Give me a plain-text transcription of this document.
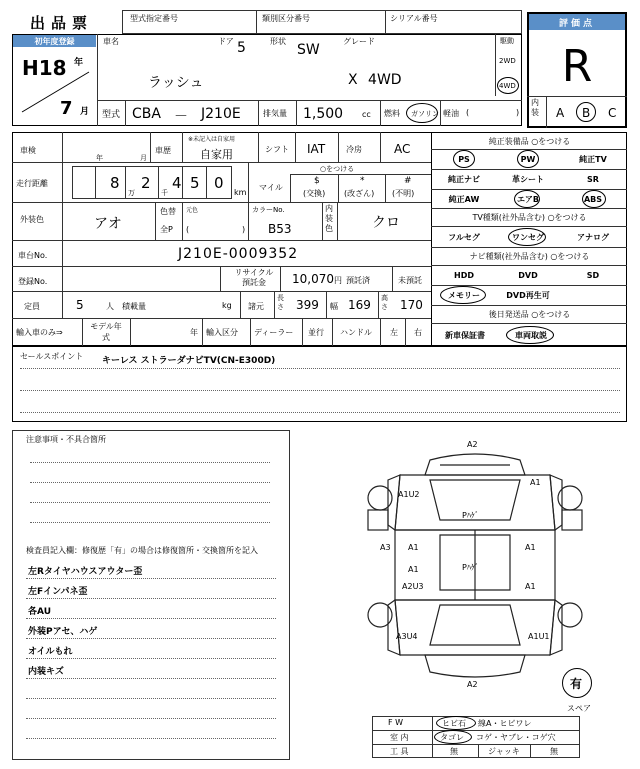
出品票	型式指定番号	類別区分番号	シリアル番号	評価点
R
内装	A B C
初年度登録
H18 年
7 月
車名	ドア 5	形状
SW
グレード
ラッシュ	X 4WD
駆動
2WD
4WD
型式 CBA － J210E	排気量 1,500 cc 燃料 ガソリン 軽油 (	)
車検
年	月
車歴
※未記入は自家用
自家用	シフト IAT	冷房	AC
走行距離	8
万
2
千
4 5 0
km
○をつける
マイル
$
(交換)
*
(改ざん)
#
(不明)
外装色	アオ
色替
全P
元色
(	)
カラーNo.
B53
内装色	クロ
車台No.	J210E-0009352
登録No.
リサイクル預託金	10,070 円 預託済	未預託
定員	5	人 積載量	kg 諸元
長さ 399 幅 169 高さ 170
輸入車のみ⇒
モデル年式
年 輸入区分 ディーラー 並行 ハンドル 左 右
純正装備品 ○をつける
PS	PW	純正TV
純正ナビ	革シート	SR
純正AW	エアB	ABS
TV種類(社外品含む) ○をつける
フルセグ	ワンセグ	アナログ
ナビ種類(社外品含む) ○をつける
HDD	DVD	SD
メモリー	DVD再生可
後日発送品 ○をつける
新車保証書	車両取説
セールスポイント キーレス ストラーダナビTV(CN-E300D)
注意事項・不具合箇所
検査員記入欄：修復歴「有」の場合は修復箇所・交換箇所を記入
左Rタイヤハウスアウター歪
左Fインパネ歪
各AU
外装Pアセ、ハゲ
オイルもれ
内装キズ
A2
A1U2
A1
Pﾊｹﾞ
A3 A1	A1
Pﾊｹﾞ
A1
A2U3	A1
A3U4	A1U1
A2	有
スペア
F W	ヒビ石 線A・ヒビワレ
室 内	タゴレ コゲ・ヤブレ・コゲ穴
工 具	無	ジャッキ	無
